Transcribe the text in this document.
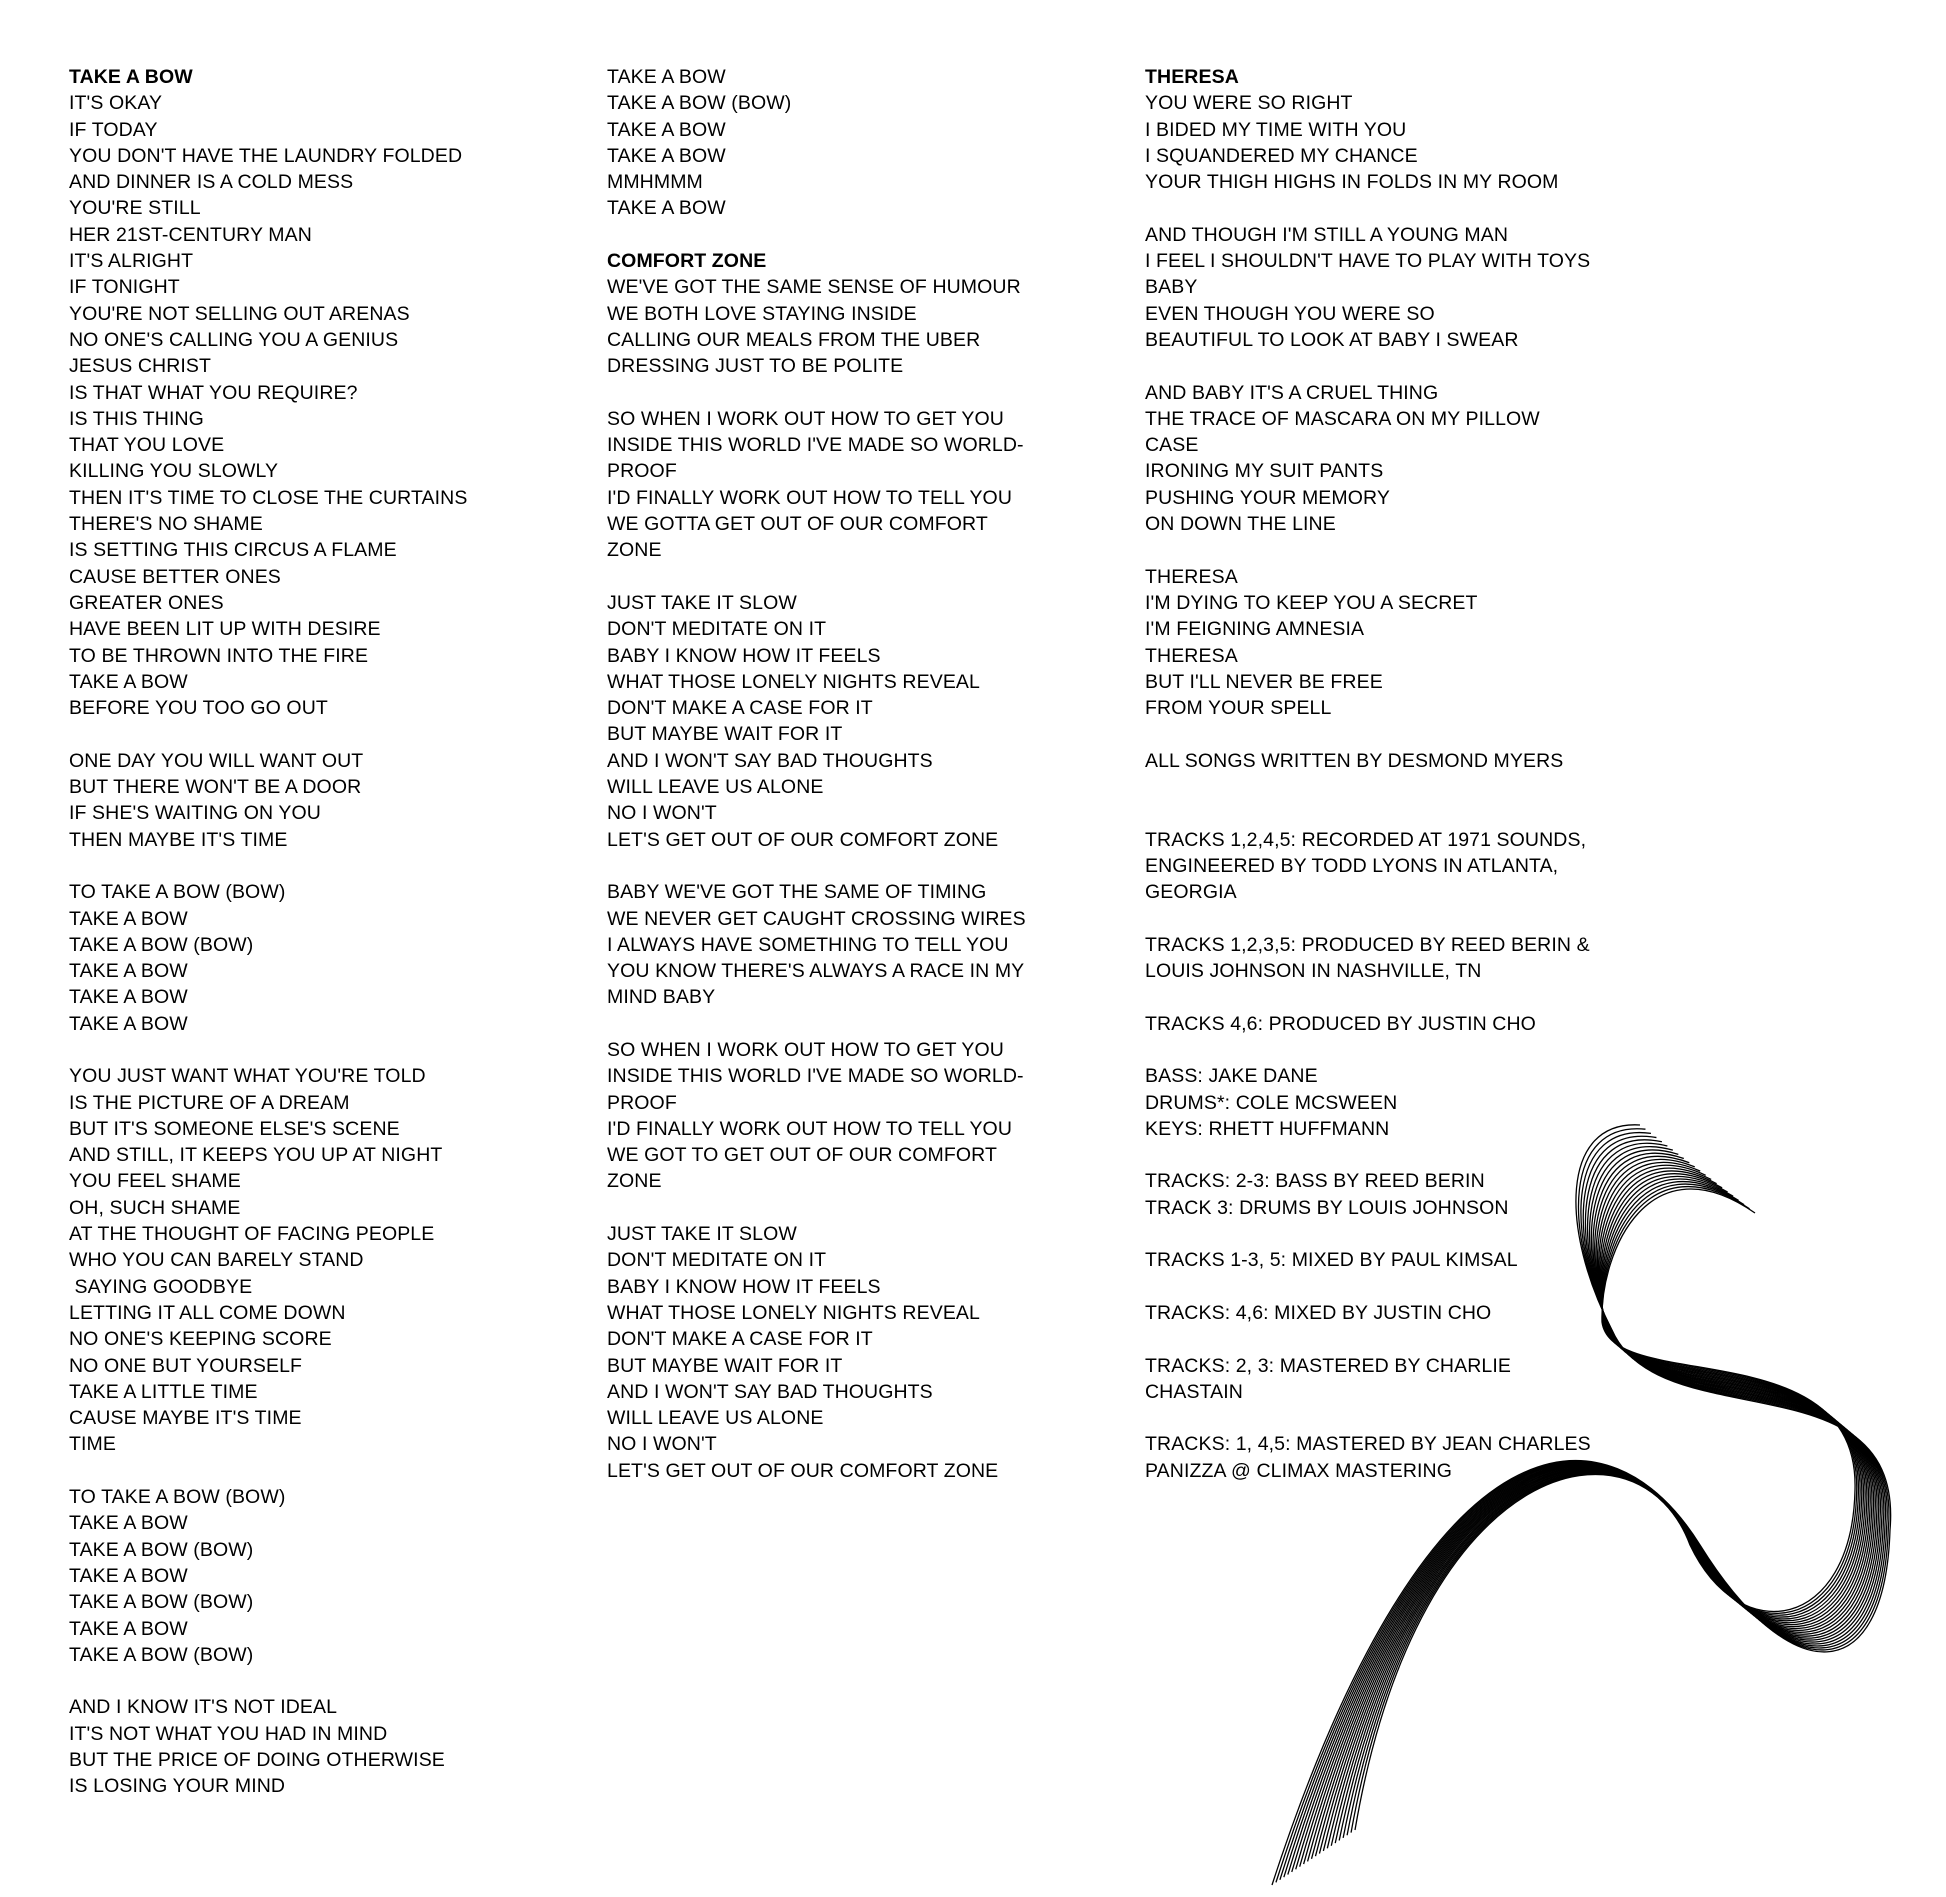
TAKE A BOW
IT'S OKAY
IF TODAY
YOU DON'T HAVE THE LAUNDRY FOLDED
AND DINNER IS A COLD MESS
YOU'RE STILL
HER 21ST-CENTURY MAN
IT'S ALRIGHT
IF TONIGHT
YOU'RE NOT SELLING OUT ARENAS
NO ONE'S CALLING YOU A GENIUS
JESUS CHRIST
IS THAT WHAT YOU REQUIRE?
IS THIS THING
THAT YOU LOVE
KILLING YOU SLOWLY
THEN IT'S TIME TO CLOSE THE CURTAINS
THERE'S NO SHAME
IS SETTING THIS CIRCUS A FLAME
CAUSE BETTER ONES
GREATER ONES
HAVE BEEN LIT UP WITH DESIRE
TO BE THROWN INTO THE FIRE
TAKE A BOW
BEFORE YOU TOO GO OUT
ONE DAY YOU WILL WANT OUT
BUT THERE WON'T BE A DOOR
IF SHE'S WAITING ON YOU
THEN MAYBE IT'S TIME
TO TAKE A BOW (BOW)
TAKE A BOW
TAKE A BOW (BOW)
TAKE A BOW
TAKE A BOW
TAKE A BOW
YOU JUST WANT WHAT YOU'RE TOLD
IS THE PICTURE OF A DREAM
BUT IT'S SOMEONE ELSE'S SCENE
AND STILL, IT KEEPS YOU UP AT NIGHT
YOU FEEL SHAME
OH, SUCH SHAME
AT THE THOUGHT OF FACING PEOPLE
WHO YOU CAN BARELY STAND
SAYING GOODBYE
LETTING IT ALL COME DOWN
NO ONE'S KEEPING SCORE
NO ONE BUT YOURSELF
TAKE A LITTLE TIME
CAUSE MAYBE IT'S TIME
TIME
TO TAKE A BOW (BOW)
TAKE A BOW
TAKE A BOW (BOW)
TAKE A BOW
TAKE A BOW (BOW)
TAKE A BOW
TAKE A BOW (BOW)
AND I KNOW IT'S NOT IDEAL
IT'S NOT WHAT YOU HAD IN MIND
BUT THE PRICE OF DOING OTHERWISE
IS LOSING YOUR MIND
TAKE A BOW
TAKE A BOW (BOW)
TAKE A BOW
TAKE A BOW
MMHMMM
TAKE A BOW
COMFORT ZONE
WE'VE GOT THE SAME SENSE OF HUMOUR
WE BOTH LOVE STAYING INSIDE
CALLING OUR MEALS FROM THE UBER
DRESSING JUST TO BE POLITE
SO WHEN I WORK OUT HOW TO GET YOU
INSIDE THIS WORLD I'VE MADE SO WORLD-
PROOF
I'D FINALLY WORK OUT HOW TO TELL YOU
WE GOTTA GET OUT OF OUR COMFORT
ZONE
JUST TAKE IT SLOW
DON'T MEDITATE ON IT
BABY I KNOW HOW IT FEELS
WHAT THOSE LONELY NIGHTS REVEAL
DON'T MAKE A CASE FOR IT
BUT MAYBE WAIT FOR IT
AND I WON'T SAY BAD THOUGHTS
WILL LEAVE US ALONE
NO I WON'T
LET'S GET OUT OF OUR COMFORT ZONE
BABY WE'VE GOT THE SAME OF TIMING
WE NEVER GET CAUGHT CROSSING WIRES
I ALWAYS HAVE SOMETHING TO TELL YOU
YOU KNOW THERE'S ALWAYS A RACE IN MY
MIND BABY
SO WHEN I WORK OUT HOW TO GET YOU
INSIDE THIS WORLD I'VE MADE SO WORLD-
PROOF
I'D FINALLY WORK OUT HOW TO TELL YOU
WE GOT TO GET OUT OF OUR COMFORT
ZONE
JUST TAKE IT SLOW
DON'T MEDITATE ON IT
BABY I KNOW HOW IT FEELS
WHAT THOSE LONELY NIGHTS REVEAL
DON'T MAKE A CASE FOR IT
BUT MAYBE WAIT FOR IT
AND I WON'T SAY BAD THOUGHTS
WILL LEAVE US ALONE
NO I WON'T
LET'S GET OUT OF OUR COMFORT ZONE
THERESA
YOU WERE SO RIGHT
I BIDED MY TIME WITH YOU
I SQUANDERED MY CHANCE
YOUR THIGH HIGHS IN FOLDS IN MY ROOM
AND THOUGH I'M STILL A YOUNG MAN
I FEEL I SHOULDN'T HAVE TO PLAY WITH TOYS
BABY
EVEN THOUGH YOU WERE SO
BEAUTIFUL TO LOOK AT BABY I SWEAR
AND BABY IT'S A CRUEL THING
THE TRACE OF MASCARA ON MY PILLOW
CASE
IRONING MY SUIT PANTS
PUSHING YOUR MEMORY
ON DOWN THE LINE
THERESA
I'M DYING TO KEEP YOU A SECRET
I'M FEIGNING AMNESIA
THERESA
BUT I'LL NEVER BE FREE
FROM YOUR SPELL
ALL SONGS WRITTEN BY DESMOND MYERS
TRACKS 1,2,4,5: RECORDED AT 1971 SOUNDS,
ENGINEERED BY TODD LYONS IN ATLANTA,
GEORGIA
TRACKS 1,2,3,5: PRODUCED BY REED BERIN &
LOUIS JOHNSON IN NASHVILLE, TN
TRACKS 4,6: PRODUCED BY JUSTIN CHO
BASS: JAKE DANE
DRUMS*: COLE MCSWEEN
KEYS: RHETT HUFFMANN
TRACKS: 2-3: BASS BY REED BERIN
TRACK 3: DRUMS BY LOUIS JOHNSON
TRACKS 1-3, 5: MIXED BY PAUL KIMSAL
TRACKS: 4,6: MIXED BY JUSTIN CHO
TRACKS: 2, 3: MASTERED BY CHARLIE
CHASTAIN
TRACKS: 1, 4,5: MASTERED BY JEAN CHARLES
PANIZZA @ CLIMAX MASTERING
